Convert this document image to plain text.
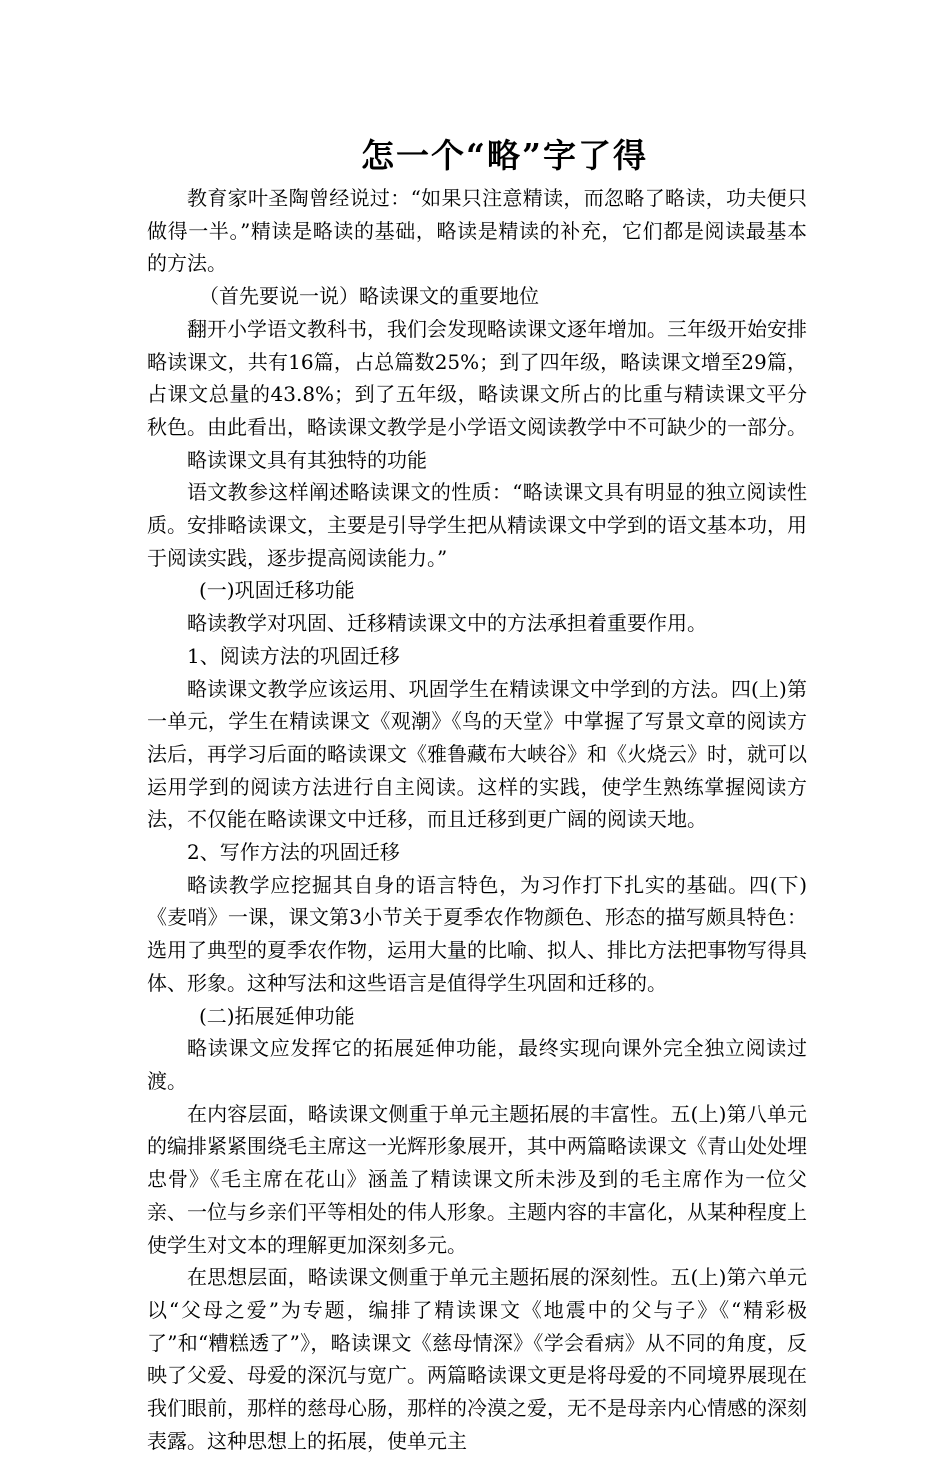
怎一个“略”字了得

教育家叶圣陶曾经说过：“如果只注意精读，而忽略了略读，功夫便只做得一半。”精读是略读的基础，略读是精读的补充，它们都是阅读最基本的方法。

（首先要说一说）略读课文的重要地位

翻开小学语文教科书，我们会发现略读课文逐年增加。三年级开始安排略读课文，共有16篇，占总篇数25%；到了四年级，略读课文增至29篇，占课文总量的43.8%；到了五年级，略读课文所占的比重与精读课文平分秋色。由此看出，略读课文教学是小学语文阅读教学中不可缺少的一部分。

略读课文具有其独特的功能

语文教参这样阐述略读课文的性质：“略读课文具有明显的独立阅读性质。安排略读课文，主要是引导学生把从精读课文中学到的语文基本功，用于阅读实践，逐步提高阅读能力。”

(一)巩固迁移功能

略读教学对巩固、迁移精读课文中的方法承担着重要作用。

1、阅读方法的巩固迁移

略读课文教学应该运用、巩固学生在精读课文中学到的方法。四(上)第一单元，学生在精读课文《观潮》《鸟的天堂》中掌握了写景文章的阅读方法后，再学习后面的略读课文《雅鲁藏布大峡谷》和《火烧云》时，就可以运用学到的阅读方法进行自主阅读。这样的实践，使学生熟练掌握阅读方法，不仅能在略读课文中迁移，而且迁移到更广阔的阅读天地。

2、写作方法的巩固迁移

略读教学应挖掘其自身的语言特色，为习作打下扎实的基础。四(下)《麦哨》一课，课文第3小节关于夏季农作物颜色、形态的描写颇具特色：选用了典型的夏季农作物，运用大量的比喻、拟人、排比方法把事物写得具体、形象。这种写法和这些语言是值得学生巩固和迁移的。

(二)拓展延伸功能

略读课文应发挥它的拓展延伸功能，最终实现向课外完全独立阅读过渡。

在内容层面，略读课文侧重于单元主题拓展的丰富性。五(上)第八单元的编排紧紧围绕毛主席这一光辉形象展开，其中两篇略读课文《青山处处埋忠骨》《毛主席在花山》涵盖了精读课文所未涉及到的毛主席作为一位父亲、一位与乡亲们平等相处的伟人形象。主题内容的丰富化，从某种程度上使学生对文本的理解更加深刻多元。

在思想层面，略读课文侧重于单元主题拓展的深刻性。五(上)第六单元以“父母之爱”为专题，编排了精读课文《地震中的父与子》《“精彩极了”和“糟糕透了”》，略读课文《慈母情深》《学会看病》从不同的角度，反映了父爱、母爱的深沉与宽广。两篇略读课文更是将母爱的不同境界展现在我们眼前，那样的慈母心肠，那样的冷漠之爱，无不是母亲内心情感的深刻表露。这种思想上的拓展，使单元主
